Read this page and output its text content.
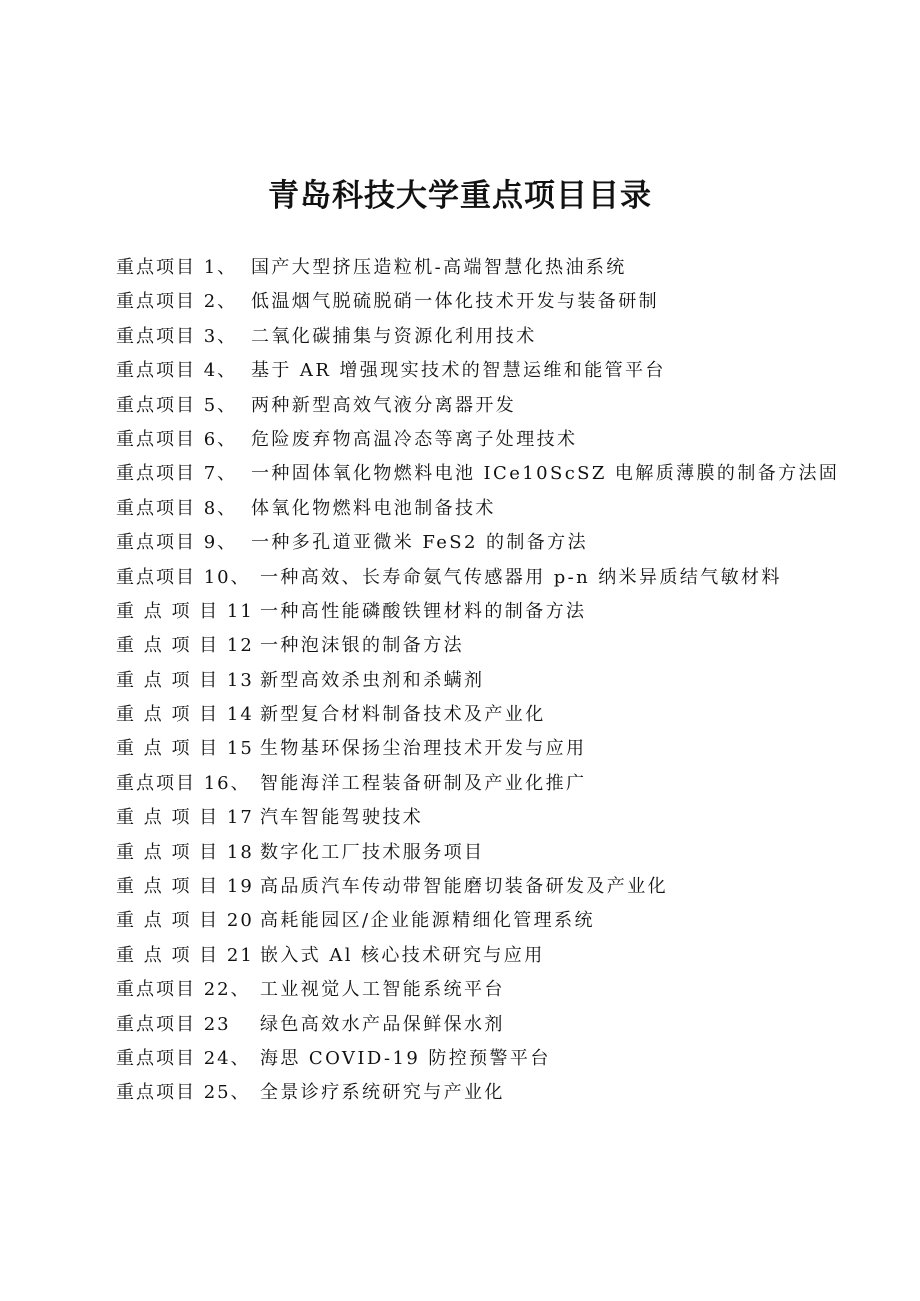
青岛科技大学重点项目目录
重点项目 1、
重点项目 2、
重点项目 3、
重点项目 4、
重点项目 5、
重点项目 6、
重点项目 7、
重点项目 8、
重点项目 9、
重点项目 10、
重 点 项 目 11
重 点 项 目 12
重 点 项 目 13
重 点 项 目 14
重 点 项 目 15
重点项目 16、
重 点 项 目 17
重 点 项 目 18
重 点 项 目 19
重 点 项 目 20
重 点 项 目 21
重点项目 22、
重点项目 23
重点项目 24、
重点项目 25、
国产大型挤压造粒机-高端智慧化热油系统
低温烟气脱硫脱硝一体化技术开发与装备研制
二氧化碳捕集与资源化利用技术
基于 AR 增强现实技术的智慧运维和能管平台
两种新型高效气液分离器开发
危险废弃物高温冷态等离子处理技术
一种固体氧化物燃料电池 ICe10ScSZ 电解质薄膜的制备方法固
体氧化物燃料电池制备技术
一种多孔道亚微米 FeS2 的制备方法
一种高效、长寿命氨气传感器用 p-n 纳米异质结气敏材料
一种高性能磷酸铁锂材料的制备方法
一种泡沫银的制备方法
新型高效杀虫剂和杀螨剂
新型复合材料制备技术及产业化
生物基环保扬尘治理技术开发与应用
智能海洋工程装备研制及产业化推广
汽车智能驾驶技术
数字化工厂技术服务项目
高品质汽车传动带智能磨切装备研发及产业化
高耗能园区/企业能源精细化管理系统
嵌入式 Al 核心技术研究与应用
工业视觉人工智能系统平台
绿色高效水产品保鲜保水剂
海思 COVID-19 防控预警平台
全景诊疗系统研究与产业化
